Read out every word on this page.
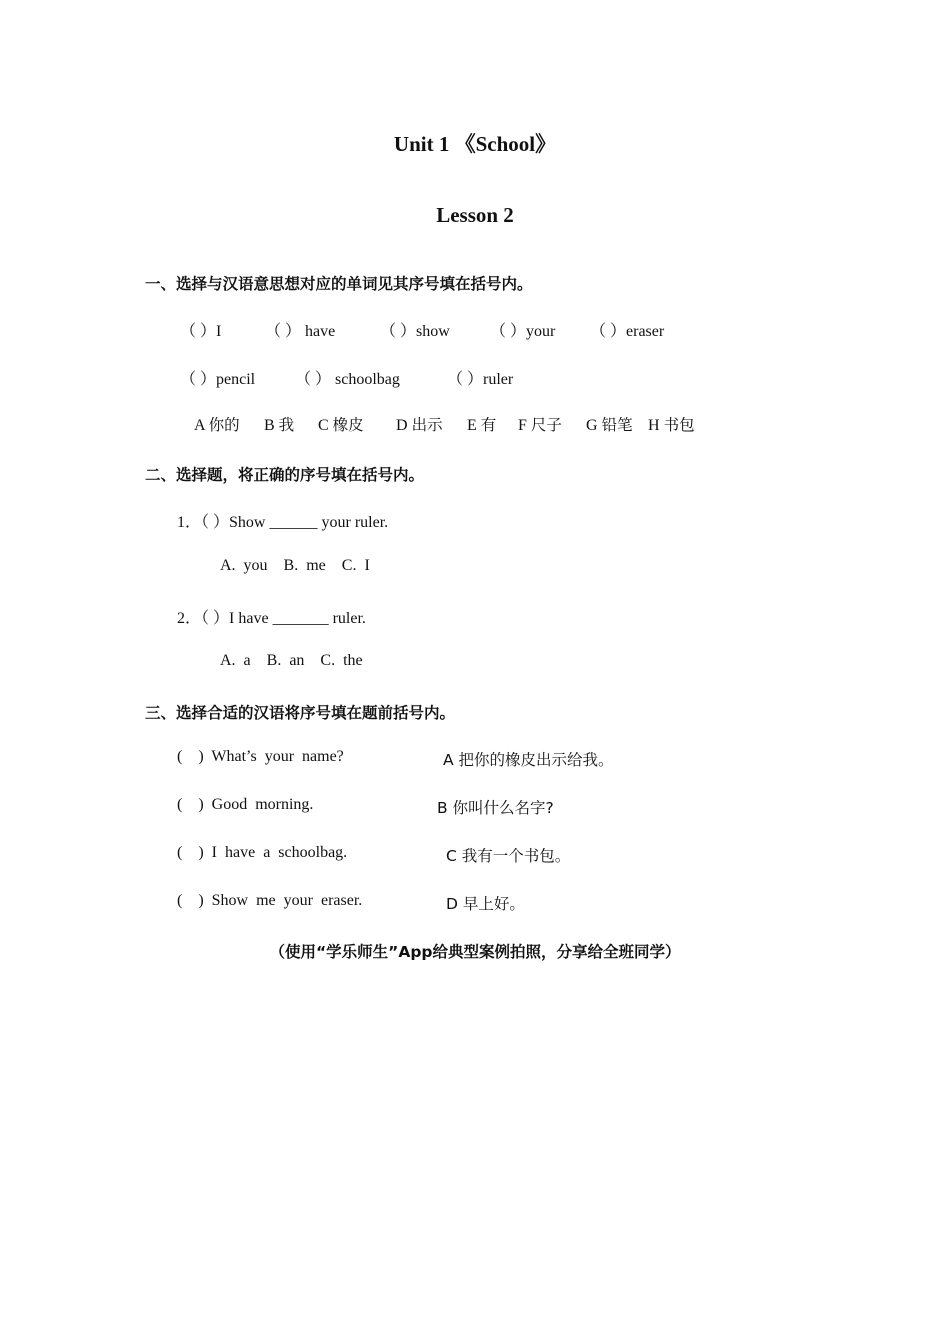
Unit 1 《School》
Lesson 2
一、选择与汉语意思想对应的单词见其序号填在括号内。
（ ）I	（ ） have	（ ）show	（ ）your （ ）eraser
（ ）pencil （ ） schoolbag	（ ）ruler
A 你的 B 我 C 橡皮 D 出示 E 有 F 尺子 G 铅笔 H 书包
二、选择题，将正确的序号填在括号内。
1．（ ）Show ______ your ruler.
A.  you    B.  me    C.  I
2．（ ）I have _______ ruler.
A.  a    B.  an    C.  the
三、选择合适的汉语将序号填在题前括号内。
(    ) What’s  your  name?	A 把你的橡皮出示给我。
(    ) Good  morning.	B 你叫什么名字?
(    ) I  have  a  schoolbag.	C 我有一个书包。
(    ) Show  me  your  eraser.	D 早上好。
（使用“学乐师生”App给典型案例拍照，分享给全班同学）
